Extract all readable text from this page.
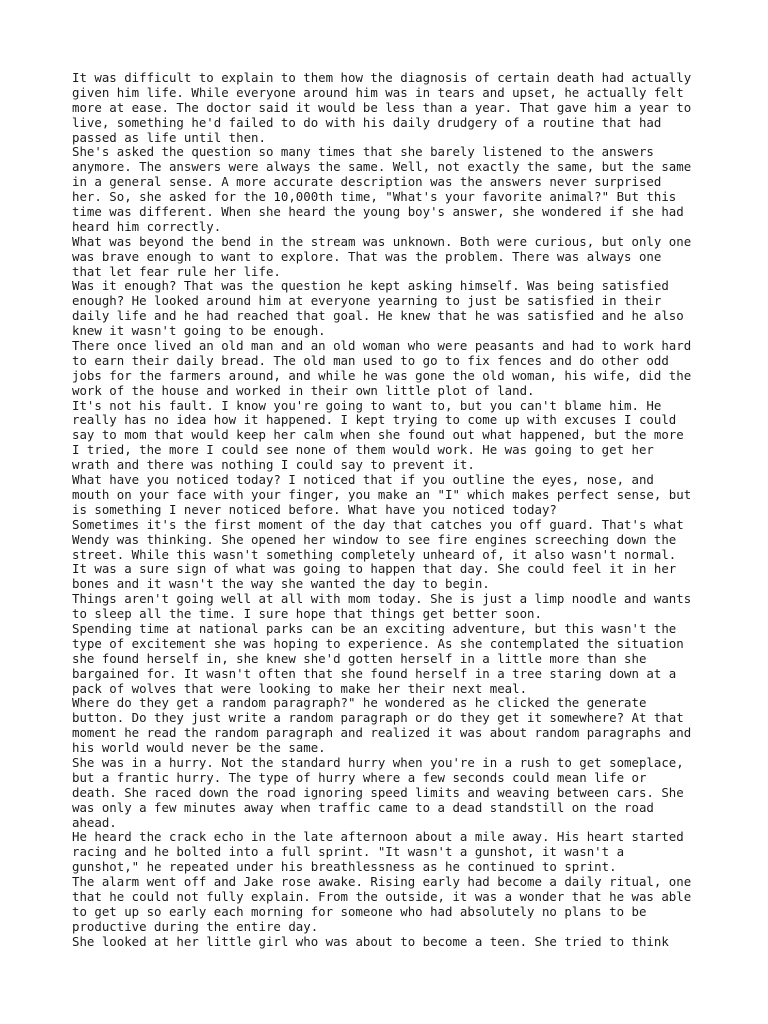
It was difficult to explain to them how the diagnosis of certain death had actually
given him life. While everyone around him was in tears and upset, he actually felt
more at ease. The doctor said it would be less than a year. That gave him a year to
live, something he'd failed to do with his daily drudgery of a routine that had
passed as life until then.
She's asked the question so many times that she barely listened to the answers
anymore. The answers were always the same. Well, not exactly the same, but the same
in a general sense. A more accurate description was the answers never surprised
her. So, she asked for the 10,000th time, "What's your favorite animal?" But this
time was different. When she heard the young boy's answer, she wondered if she had
heard him correctly.
What was beyond the bend in the stream was unknown. Both were curious, but only one
was brave enough to want to explore. That was the problem. There was always one
that let fear rule her life.
Was it enough? That was the question he kept asking himself. Was being satisfied
enough? He looked around him at everyone yearning to just be satisfied in their
daily life and he had reached that goal. He knew that he was satisfied and he also
knew it wasn't going to be enough.
There once lived an old man and an old woman who were peasants and had to work hard
to earn their daily bread. The old man used to go to fix fences and do other odd
jobs for the farmers around, and while he was gone the old woman, his wife, did the
work of the house and worked in their own little plot of land.
It's not his fault. I know you're going to want to, but you can't blame him. He
really has no idea how it happened. I kept trying to come up with excuses I could
say to mom that would keep her calm when she found out what happened, but the more
I tried, the more I could see none of them would work. He was going to get her
wrath and there was nothing I could say to prevent it.
What have you noticed today? I noticed that if you outline the eyes, nose, and
mouth on your face with your finger, you make an "I" which makes perfect sense, but
is something I never noticed before. What have you noticed today?
Sometimes it's the first moment of the day that catches you off guard. That's what
Wendy was thinking. She opened her window to see fire engines screeching down the
street. While this wasn't something completely unheard of, it also wasn't normal.
It was a sure sign of what was going to happen that day. She could feel it in her
bones and it wasn't the way she wanted the day to begin.
Things aren't going well at all with mom today. She is just a limp noodle and wants
to sleep all the time. I sure hope that things get better soon.
Spending time at national parks can be an exciting adventure, but this wasn't the
type of excitement she was hoping to experience. As she contemplated the situation
she found herself in, she knew she'd gotten herself in a little more than she
bargained for. It wasn't often that she found herself in a tree staring down at a
pack of wolves that were looking to make her their next meal.
Where do they get a random paragraph?" he wondered as he clicked the generate
button. Do they just write a random paragraph or do they get it somewhere? At that
moment he read the random paragraph and realized it was about random paragraphs and
his world would never be the same.
She was in a hurry. Not the standard hurry when you're in a rush to get someplace,
but a frantic hurry. The type of hurry where a few seconds could mean life or
death. She raced down the road ignoring speed limits and weaving between cars. She
was only a few minutes away when traffic came to a dead standstill on the road
ahead.
He heard the crack echo in the late afternoon about a mile away. His heart started
racing and he bolted into a full sprint. "It wasn't a gunshot, it wasn't a
gunshot," he repeated under his breathlessness as he continued to sprint.
The alarm went off and Jake rose awake. Rising early had become a daily ritual, one
that he could not fully explain. From the outside, it was a wonder that he was able
to get up so early each morning for someone who had absolutely no plans to be
productive during the entire day.
She looked at her little girl who was about to become a teen. She tried to think
